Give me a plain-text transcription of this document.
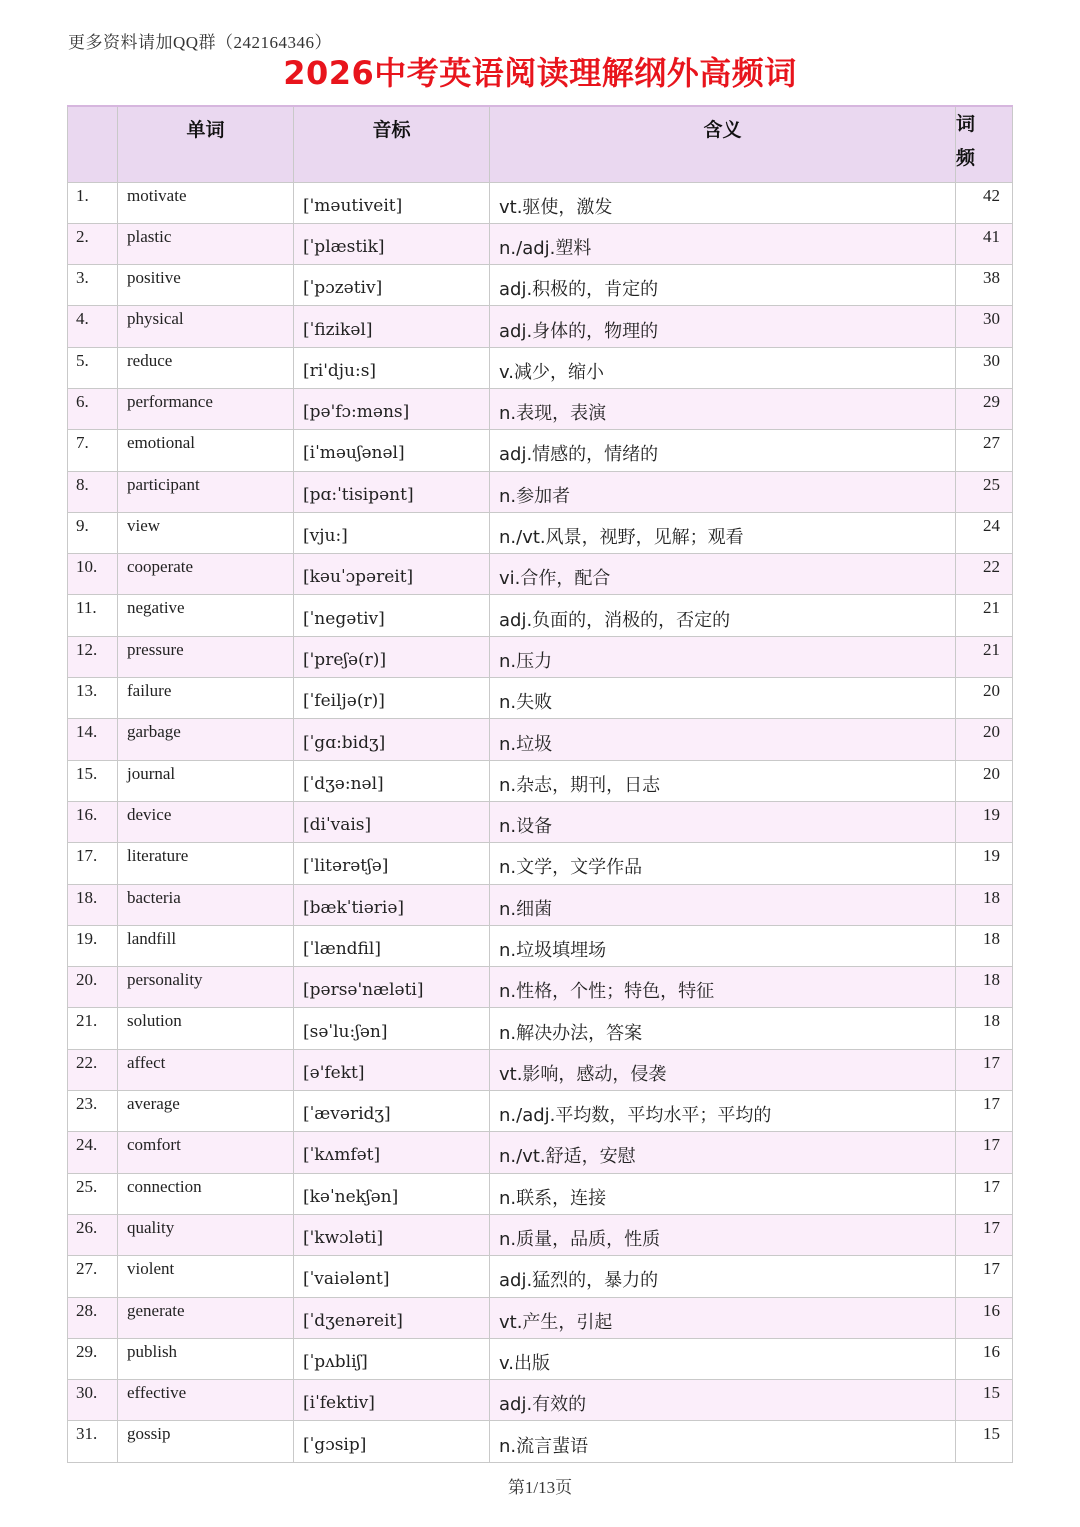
更多资料请加QQ群（242164346）
2026中考英语阅读理解纲外高频词
	单词	音标	含义	词
频

1.	motivate	['məutiveit]	vt.驱使，激发	42
2.	plastic	[ˈplæstik]	n./adj.塑料	41
3.	positive	[ˈpɔzətiv]	adj.积极的，肯定的	38
4.	physical	[ˈfizikəl]	adj.身体的，物理的	30
5.	reduce	[ri'dju:s]	v.减少，缩小	30
6.	performance	[pə'fɔ:məns]	n.表现，表演	29
7.	emotional	[iˈməuʃənəl]	adj.情感的，情绪的	27
8.	participant	[pɑ:ˈtisipənt]	n.参加者	25
9.	view	[vju:]	n./vt.风景，视野，见解；观看	24
10.	cooperate	[kəuˈɔpəreit]	vi.合作，配合	22
11.	negative	[ˈnegətiv]	adj.负面的，消极的，否定的	21
12.	pressure	['preʃə(r)]	n.压力	21
13.	failure	[ˈfeiljə(r)]	n.失败	20
14.	garbage	[ˈgɑ:bidʒ]	n.垃圾	20
15.	journal	[ˈdʒə:nəl]	n.杂志，期刊，日志	20
16.	device	[diˈvais]	n.设备	19
17.	literature	[ˈlitərətʃə]	n.文学，文学作品	19
18.	bacteria	[bækˈtiəriə]	n.细菌	18
19.	landfill	[ˈlændfil]	n.垃圾填埋场	18
20.	personality	[pərsə'næləti]	n.性格，个性；特色，特征	18
21.	solution	[səˈlu:ʃən]	n.解决办法，答案	18
22.	affect	[ə'fekt]	vt.影响，感动，侵袭	17
23.	average	[ˈævəridʒ]	n./adj.平均数，平均水平；平均的	17
24.	comfort	[ˈkʌmfət]	n./vt.舒适，安慰	17
25.	connection	[kəˈnekʃən]	n.联系，连接	17
26.	quality	['kwɔləti]	n.质量，品质，性质	17
27.	violent	[ˈvaiələnt]	adj.猛烈的，暴力的	17
28.	generate	[ˈdʒenəreit]	vt.产生，引起	16
29.	publish	[ˈpʌbliʃ]	v.出版	16
30.	effective	[iˈfektiv]	adj.有效的	15
31.	gossip	[ˈgɔsip]	n.流言蜚语	15
第1/13页
